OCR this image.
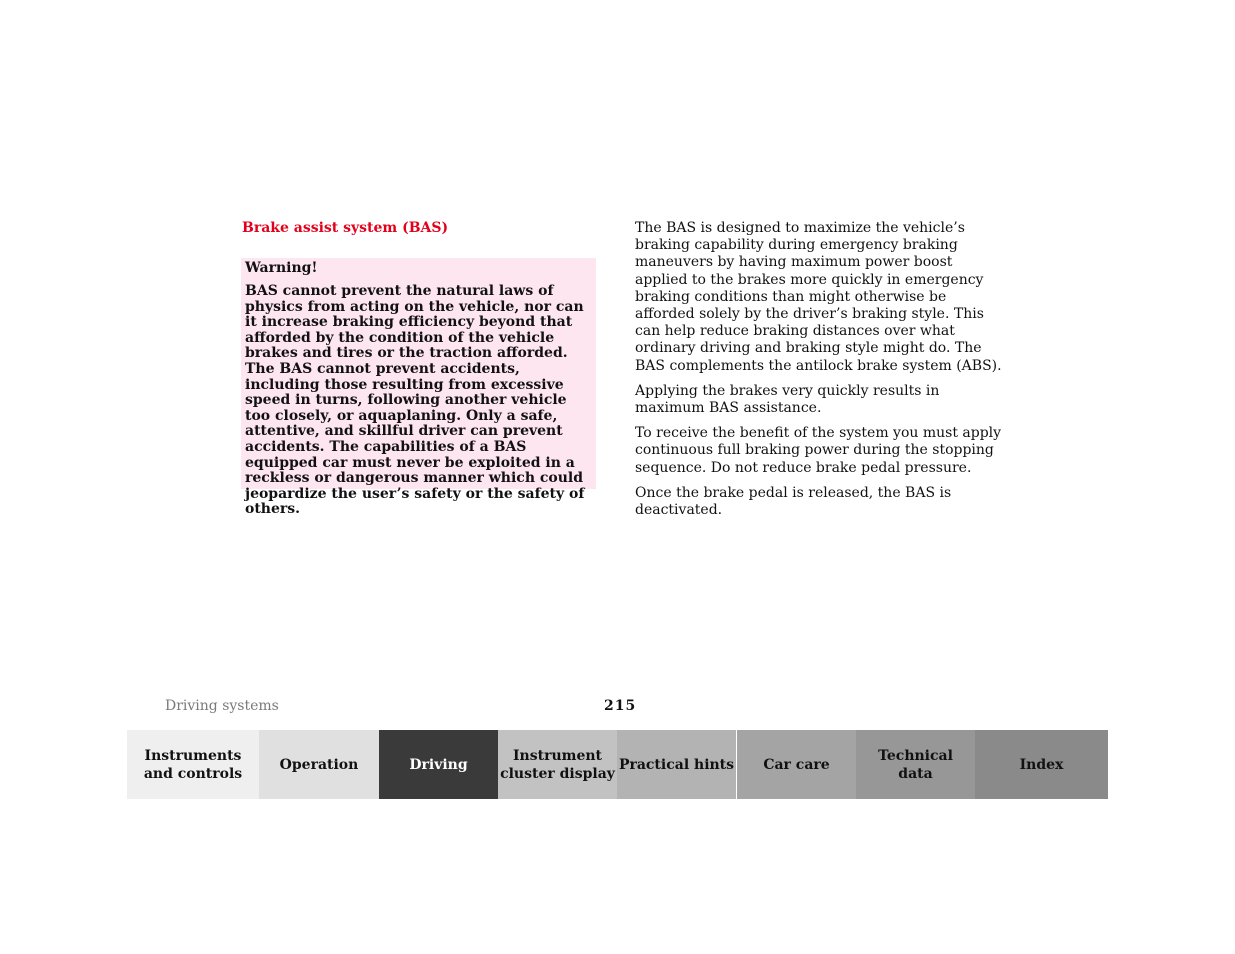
Brake assist system (BAS)

Warning!

BAS cannot prevent the natural laws of physics from acting on the vehicle, nor can it increase braking efficiency beyond that afforded by the condition of the vehicle brakes and tires or the traction afforded. The BAS cannot prevent accidents, including those resulting from excessive speed in turns, following another vehicle too closely, or aquaplaning. Only a safe, attentive, and skillful driver can prevent accidents. The capabilities of a BAS equipped car must never be exploited in a reckless or dangerous manner which could jeopardize the user’s safety or the safety of others.

The BAS is designed to maximize the vehicle’s braking capability during emergency braking maneuvers by having maximum power boost applied to the brakes more quickly in emergency braking conditions than might otherwise be afforded solely by the driver’s braking style. This can help reduce braking distances over what ordinary driving and braking style might do. The BAS complements the antilock brake system (ABS).

Applying the brakes very quickly results in maximum BAS assistance.

To receive the benefit of the system you must apply continuous full braking power during the stopping sequence. Do not reduce brake pedal pressure.

Once the brake pedal is released, the BAS is deactivated.

Driving systems	215
Instruments
and controls
Operation	Driving
Instrument
cluster display
Practical hints	Car care
Technical
data
Index
